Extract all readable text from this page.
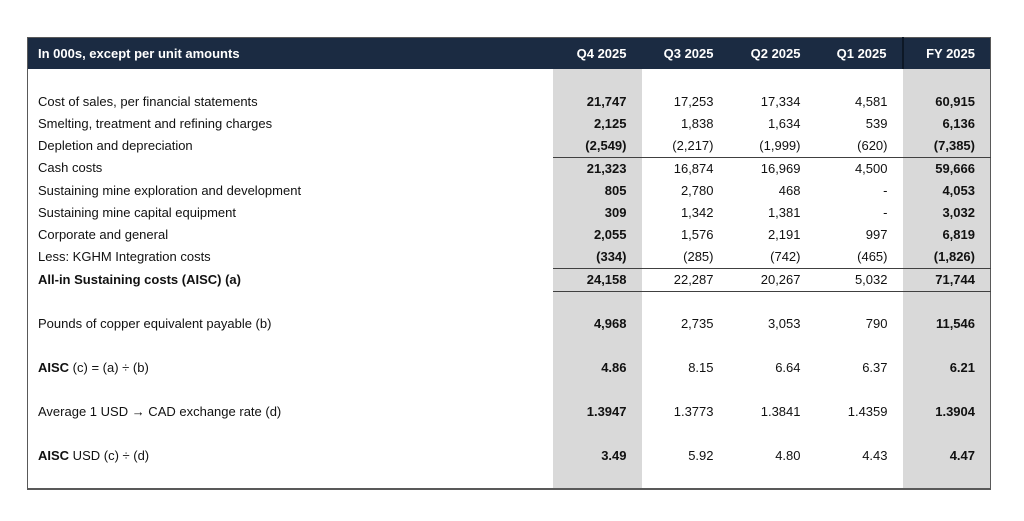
In 000s, except per unit amounts	Q4 2025	Q3 2025	Q2 2025	Q1 2025	FY 2025

Cost of sales, per financial statements	21,747	17,253	17,334	4,581	60,915
Smelting, treatment and refining charges	2,125	1,838	1,634	539	6,136
Depletion and depreciation	(2,549)	(2,217)	(1,999)	(620)	(7,385)
Cash costs	21,323	16,874	16,969	4,500	59,666
Sustaining mine exploration and development	805	2,780	468	-	4,053
Sustaining mine capital equipment	309	1,342	1,381	-	3,032
Corporate and general	2,055	1,576	2,191	997	6,819
Less: KGHM Integration costs	(334)	(285)	(742)	(465)	(1,826)
All-in Sustaining costs (AISC) (a)	24,158	22,287	20,267	5,032	71,744

Pounds of copper equivalent payable (b)	4,968	2,735	3,053	790	11,546

AISC (c) = (a) ÷ (b)	4.86	8.15	6.64	6.37	6.21

Average 1 USD → CAD exchange rate (d)	1.3947	1.3773	1.3841	1.4359	1.3904

AISC USD (c) ÷ (d)	3.49	5.92	4.80	4.43	4.47
